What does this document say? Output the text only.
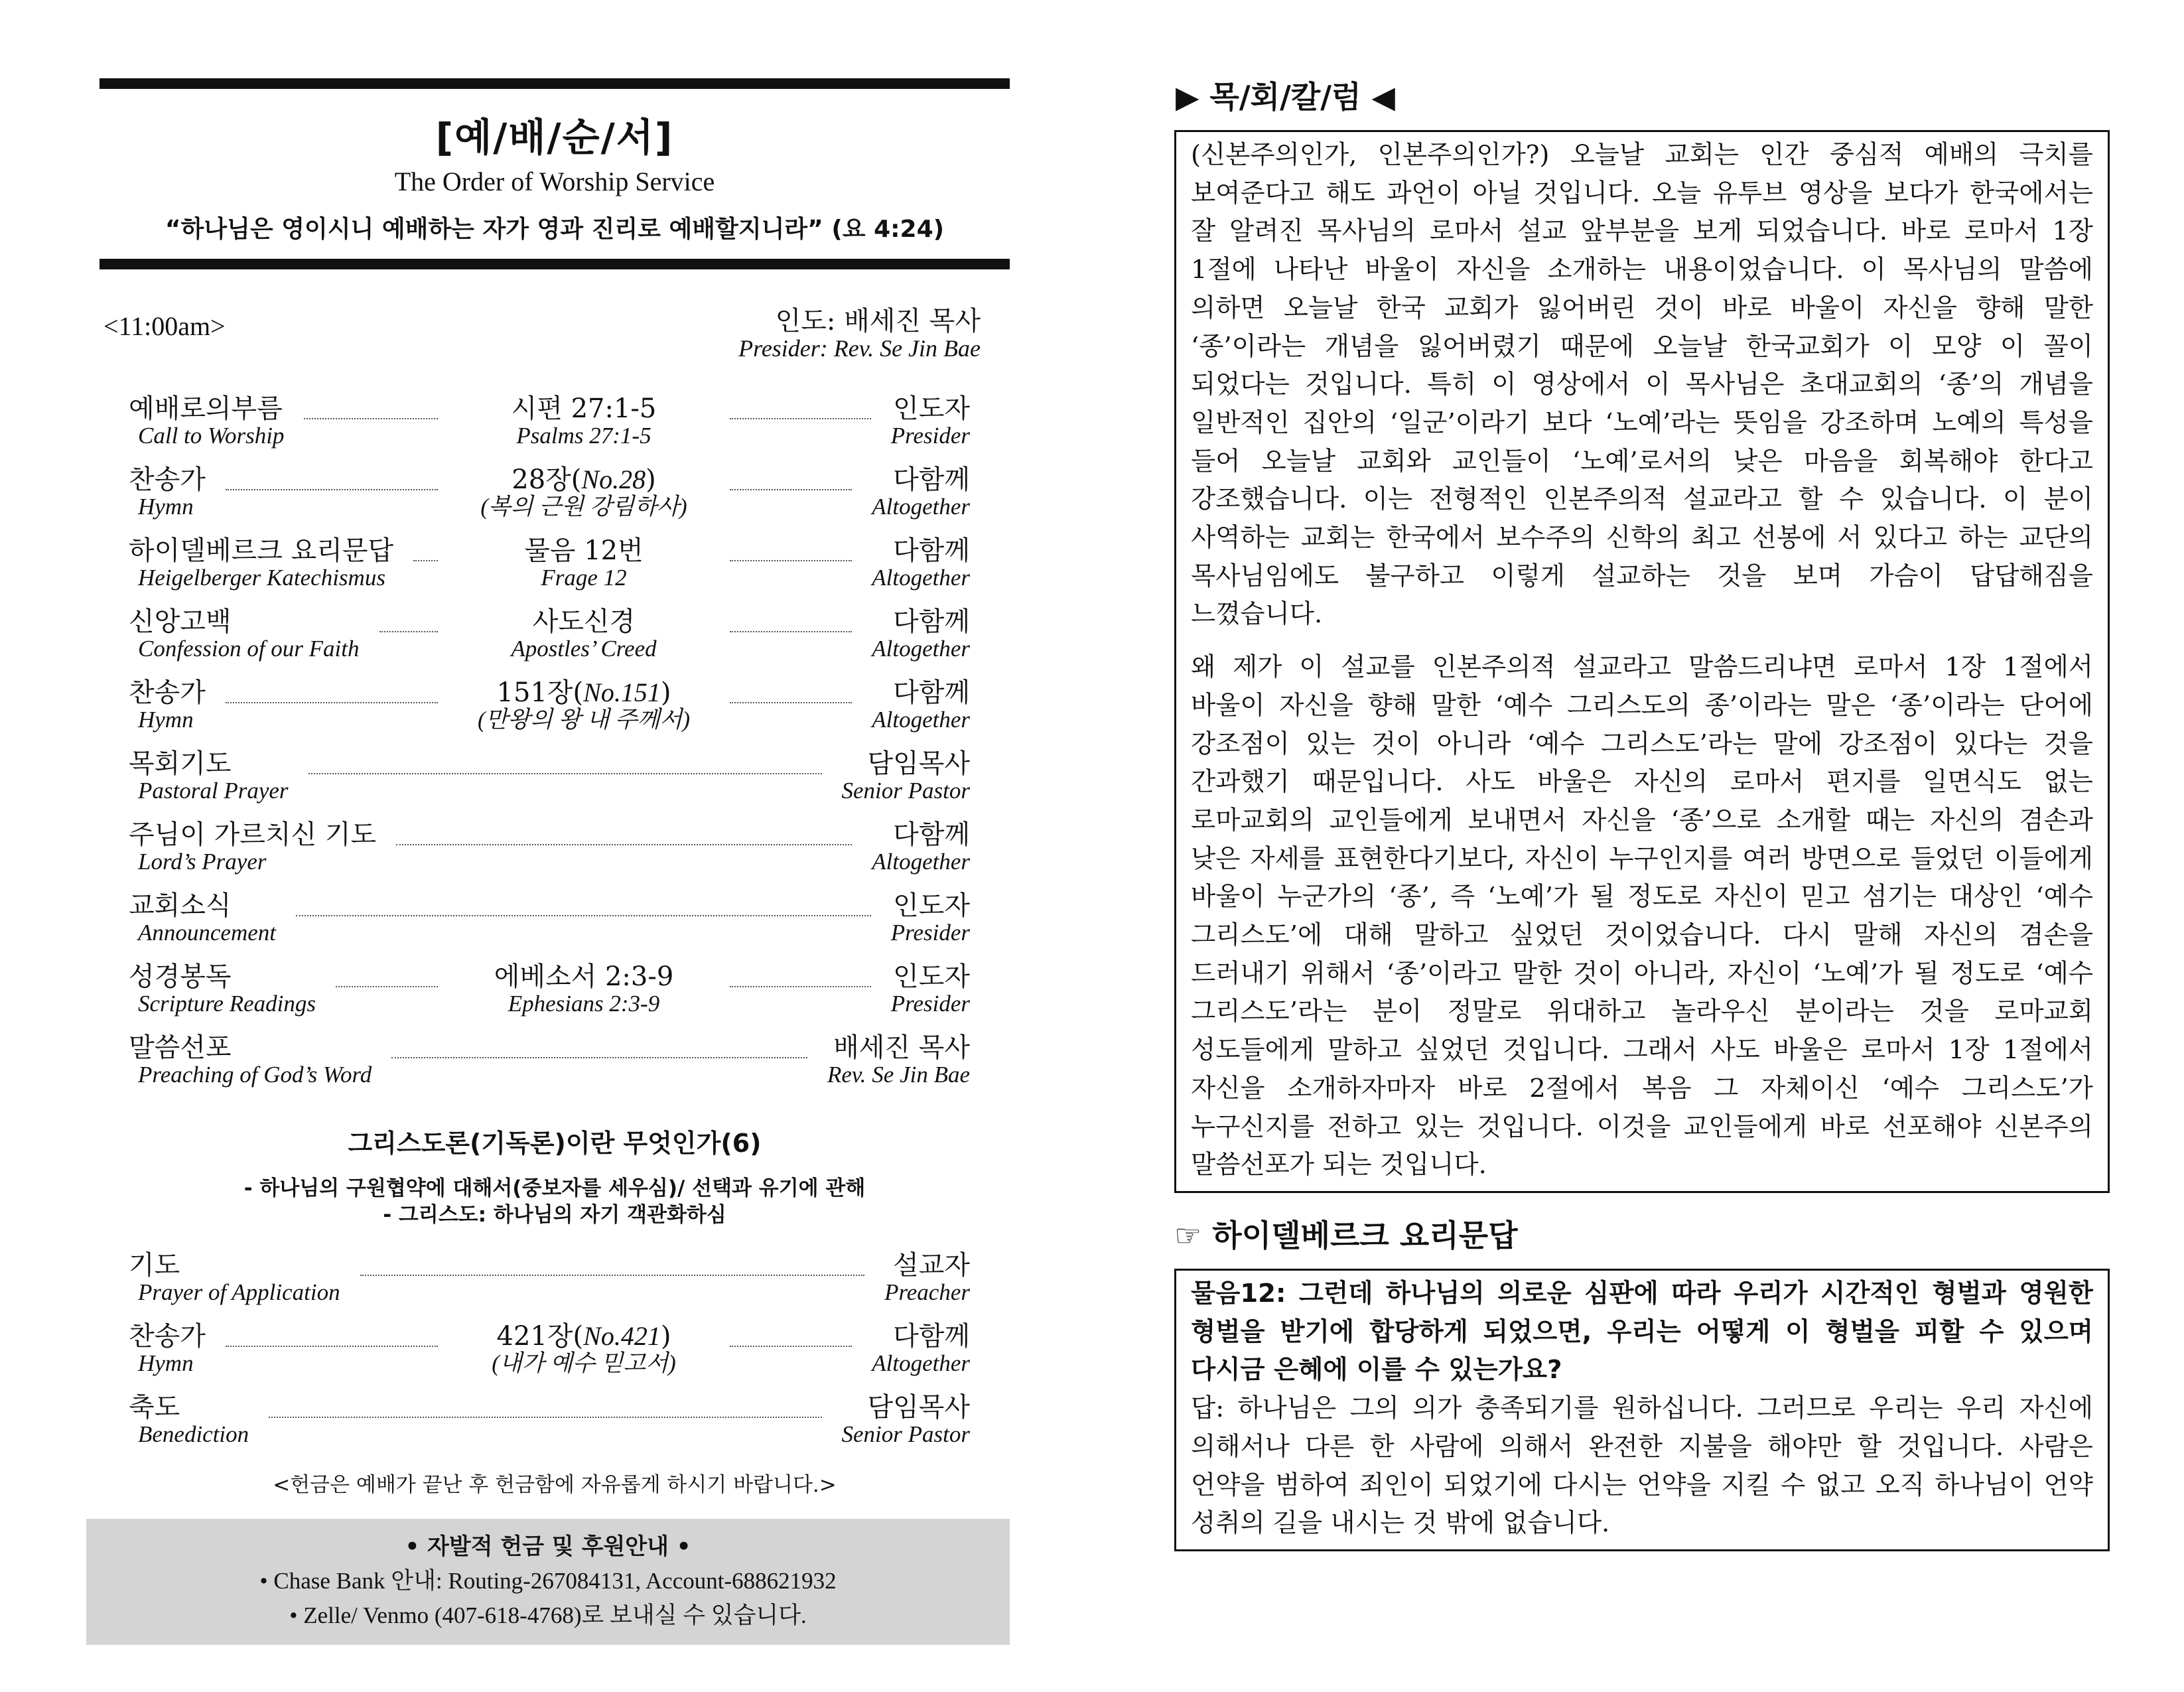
[예/배/순/서]
The Order of Worship Service
“하나님은 영이시니 예배하는 자가 영과 진리로 예배할지니라” (요 4:24)
<11:00am>	인도: 배세진 목사
Presider: Rev. Se Jin Bae
예배로의부름
Call to Worship
시편 27:1-5
Psalms 27:1-5
인도자
Presider
찬송가
Hymn
28장(No.28)
(복의 근원 강림하사)
다함께
Altogether
하이델베르크 요리문답
Heigelberger Katechismus
물음 12번
Frage 12
다함께
Altogether
신앙고백
Confession of our Faith
사도신경
Apostles’ Creed
다함께
Altogether
찬송가
Hymn
151장(No.151)
(만왕의 왕 내 주께서)
다함께
Altogether
목회기도
Pastoral Prayer
담임목사
Senior Pastor
주님이 가르치신 기도
Lord’s Prayer
다함께
Altogether
교회소식
Announcement
인도자
Presider
성경봉독
Scripture Readings
에베소서 2:3-9
Ephesians 2:3-9
인도자
Presider
말씀선포
Preaching of God’s Word
배세진 목사
Rev. Se Jin Bae
그리스도론(기독론)이란 무엇인가(6)
- 하나님의 구원협약에 대해서(중보자를 세우심)/ 선택과 유기에 관해
- 그리스도: 하나님의 자기 객관화하심
기도
Prayer of Application
설교자
Preacher
찬송가
Hymn
421장(No.421)
(내가 예수 믿고서)
다함께
Altogether
축도
Benediction
담임목사
Senior Pastor
<헌금은 예배가 끝난 후 헌금함에 자유롭게 하시기 바랍니다.>
• 자발적 헌금 및 후원안내 •
• Chase Bank 안내: Routing-267084131, Account-688621932
• Zelle/ Venmo (407-618-4768)로 보내실 수 있습니다.
▶ 목/회/칼/럼 ◀

(신본주의인가, 인본주의인가?) 오늘날 교회는 인간 중심적 예배의 극치를 보여준다고 해도 과언이 아닐 것입니다. 오늘 유투브 영상을 보다가 한국에서는 잘 알려진 목사님의 로마서 설교 앞부분을 보게 되었습니다. 바로 로마서 1장 1절에 나타난 바울이 자신을 소개하는 내용이었습니다. 이 목사님의 말씀에 의하면 오늘날 한국 교회가 잃어버린 것이 바로 바울이 자신을 향해 말한 ‘종’이라는 개념을 잃어버렸기 때문에 오늘날 한국교회가 이 모양 이 꼴이 되었다는 것입니다. 특히 이 영상에서 이 목사님은 초대교회의 ‘종’의 개념을 일반적인 집안의 ‘일군’이라기 보다 ‘노예’라는 뜻임을 강조하며 노예의 특성을 들어 오늘날 교회와 교인들이 ‘노예’로서의 낮은 마음을 회복해야 한다고 강조했습니다. 이는 전형적인 인본주의적 설교라고 할 수 있습니다. 이 분이 사역하는 교회는 한국에서 보수주의 신학의 최고 선봉에 서 있다고 하는 교단의 목사님임에도 불구하고 이렇게 설교하는 것을 보며 가슴이 답답해짐을 느꼈습니다.

왜 제가 이 설교를 인본주의적 설교라고 말씀드리냐면 로마서 1장 1절에서 바울이 자신을 향해 말한 ‘예수 그리스도의 종’이라는 말은 ‘종’이라는 단어에 강조점이 있는 것이 아니라 ‘예수 그리스도’라는 말에 강조점이 있다는 것을 간과했기 때문입니다. 사도 바울은 자신의 로마서 편지를 일면식도 없는 로마교회의 교인들에게 보내면서 자신을 ‘종’으로 소개할 때는 자신의 겸손과 낮은 자세를 표현한다기보다, 자신이 누구인지를 여러 방면으로 들었던 이들에게 바울이 누군가의 ‘종’, 즉 ‘노예’가 될 정도로 자신이 믿고 섬기는 대상인 ‘예수 그리스도’에 대해 말하고 싶었던 것이었습니다. 다시 말해 자신의 겸손을 드러내기 위해서 ‘종’이라고 말한 것이 아니라, 자신이 ‘노예’가 될 정도로 ‘예수 그리스도’라는 분이 정말로 위대하고 놀라우신 분이라는 것을 로마교회 성도들에게 말하고 싶었던 것입니다. 그래서 사도 바울은 로마서 1장 1절에서 자신을 소개하자마자 바로 2절에서 복음 그 자체이신 ‘예수 그리스도’가 누구신지를 전하고 있는 것입니다. 이것을 교인들에게 바로 선포해야 신본주의 말씀선포가 되는 것입니다.

☞ 하이델베르크 요리문답

물음12: 그런데 하나님의 의로운 심판에 따라 우리가 시간적인 형벌과 영원한 형벌을 받기에 합당하게 되었으면, 우리는 어떻게 이 형벌을 피할 수 있으며 다시금 은혜에 이를 수 있는가요?

답: 하나님은 그의 의가 충족되기를 원하십니다. 그러므로 우리는 우리 자신에 의해서나 다른 한 사람에 의해서 완전한 지불을 해야만 할 것입니다. 사람은 언약을 범하여 죄인이 되었기에 다시는 언약을 지킬 수 없고 오직 하나님이 언약 성취의 길을 내시는 것 밖에 없습니다.
